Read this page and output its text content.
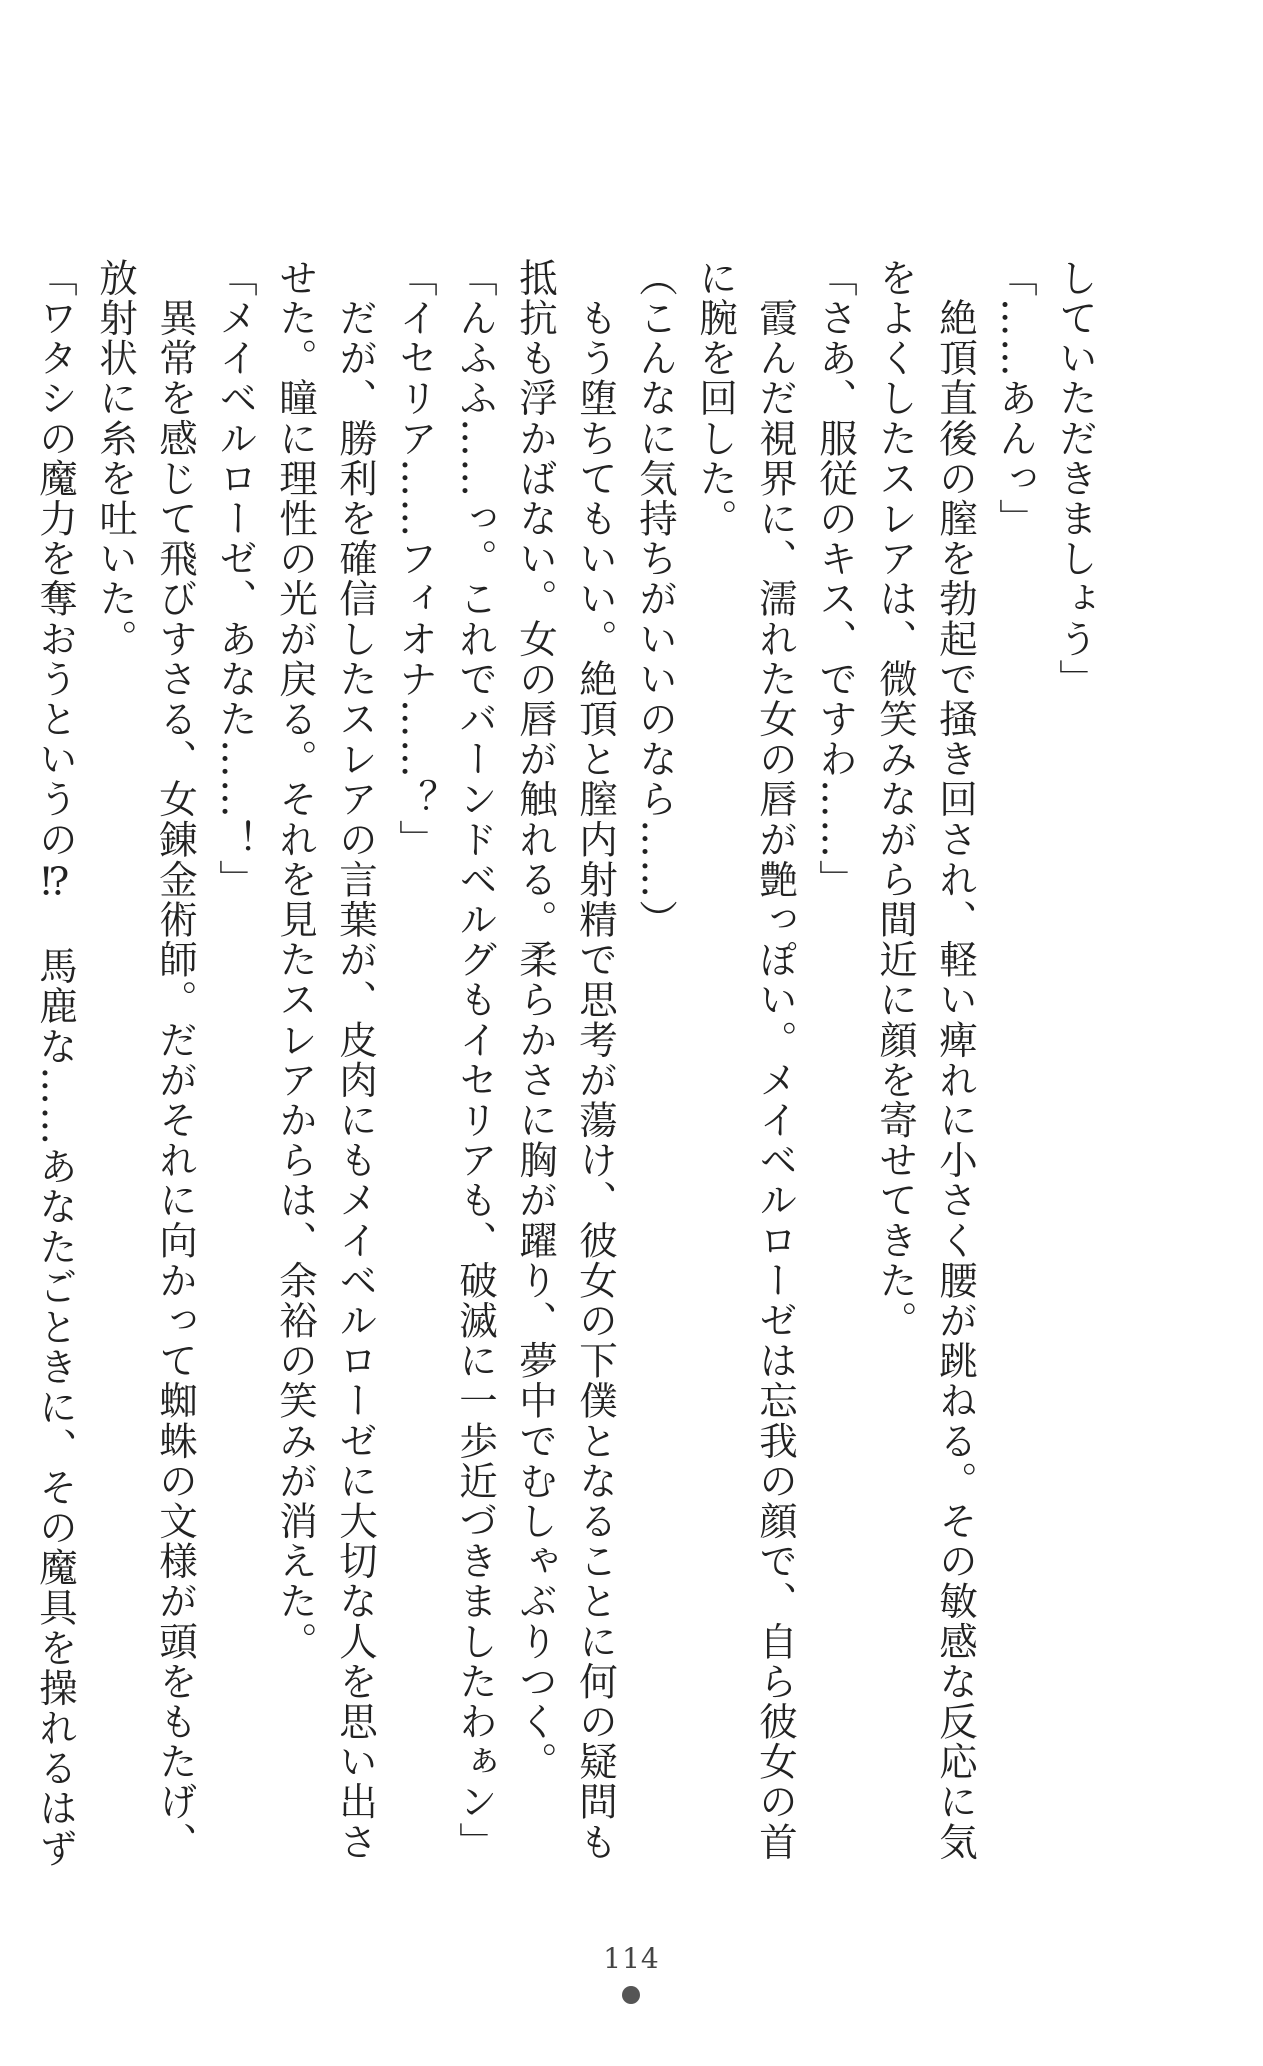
していただきましょう」

「……あんっ」

　絶頂直後の膣を勃起で掻き回され、軽い痺れに小さく腰が跳ねる。その敏感な反応に気

をよくしたスレアは、微笑みながら間近に顔を寄せてきた。

「さあ、服従のキス、ですわ……」

　霞んだ視界に、濡れた女の唇が艶っぽい。メイベルローゼは忘我の顔で、自ら彼女の首

に腕を回した。

（こんなに気持ちがいいのなら……）

　もう堕ちてもいい。絶頂と膣内射精で思考が蕩け、彼女の下僕となることに何の疑問も

抵抗も浮かばない。女の唇が触れる。柔らかさに胸が躍り、夢中でむしゃぶりつく。

「んふふ……っ。これでバーンドベルグもイセリアも、破滅に一歩近づきましたわぁン」

「イセリア……フィオナ……？」

　だが、勝利を確信したスレアの言葉が、皮肉にもメイベルローゼに大切な人を思い出さ

せた。瞳に理性の光が戻る。それを見たスレアからは、余裕の笑みが消えた。

「メイベルローゼ、あなた……！」

　異常を感じて飛びすさる、女錬金術師。だがそれに向かって蜘蛛の文様が頭をもたげ、

放射状に糸を吐いた。

「ワタシの魔力を奪おうというの⁉　馬鹿な……あなたごときに、その魔具を操れるはず

114
